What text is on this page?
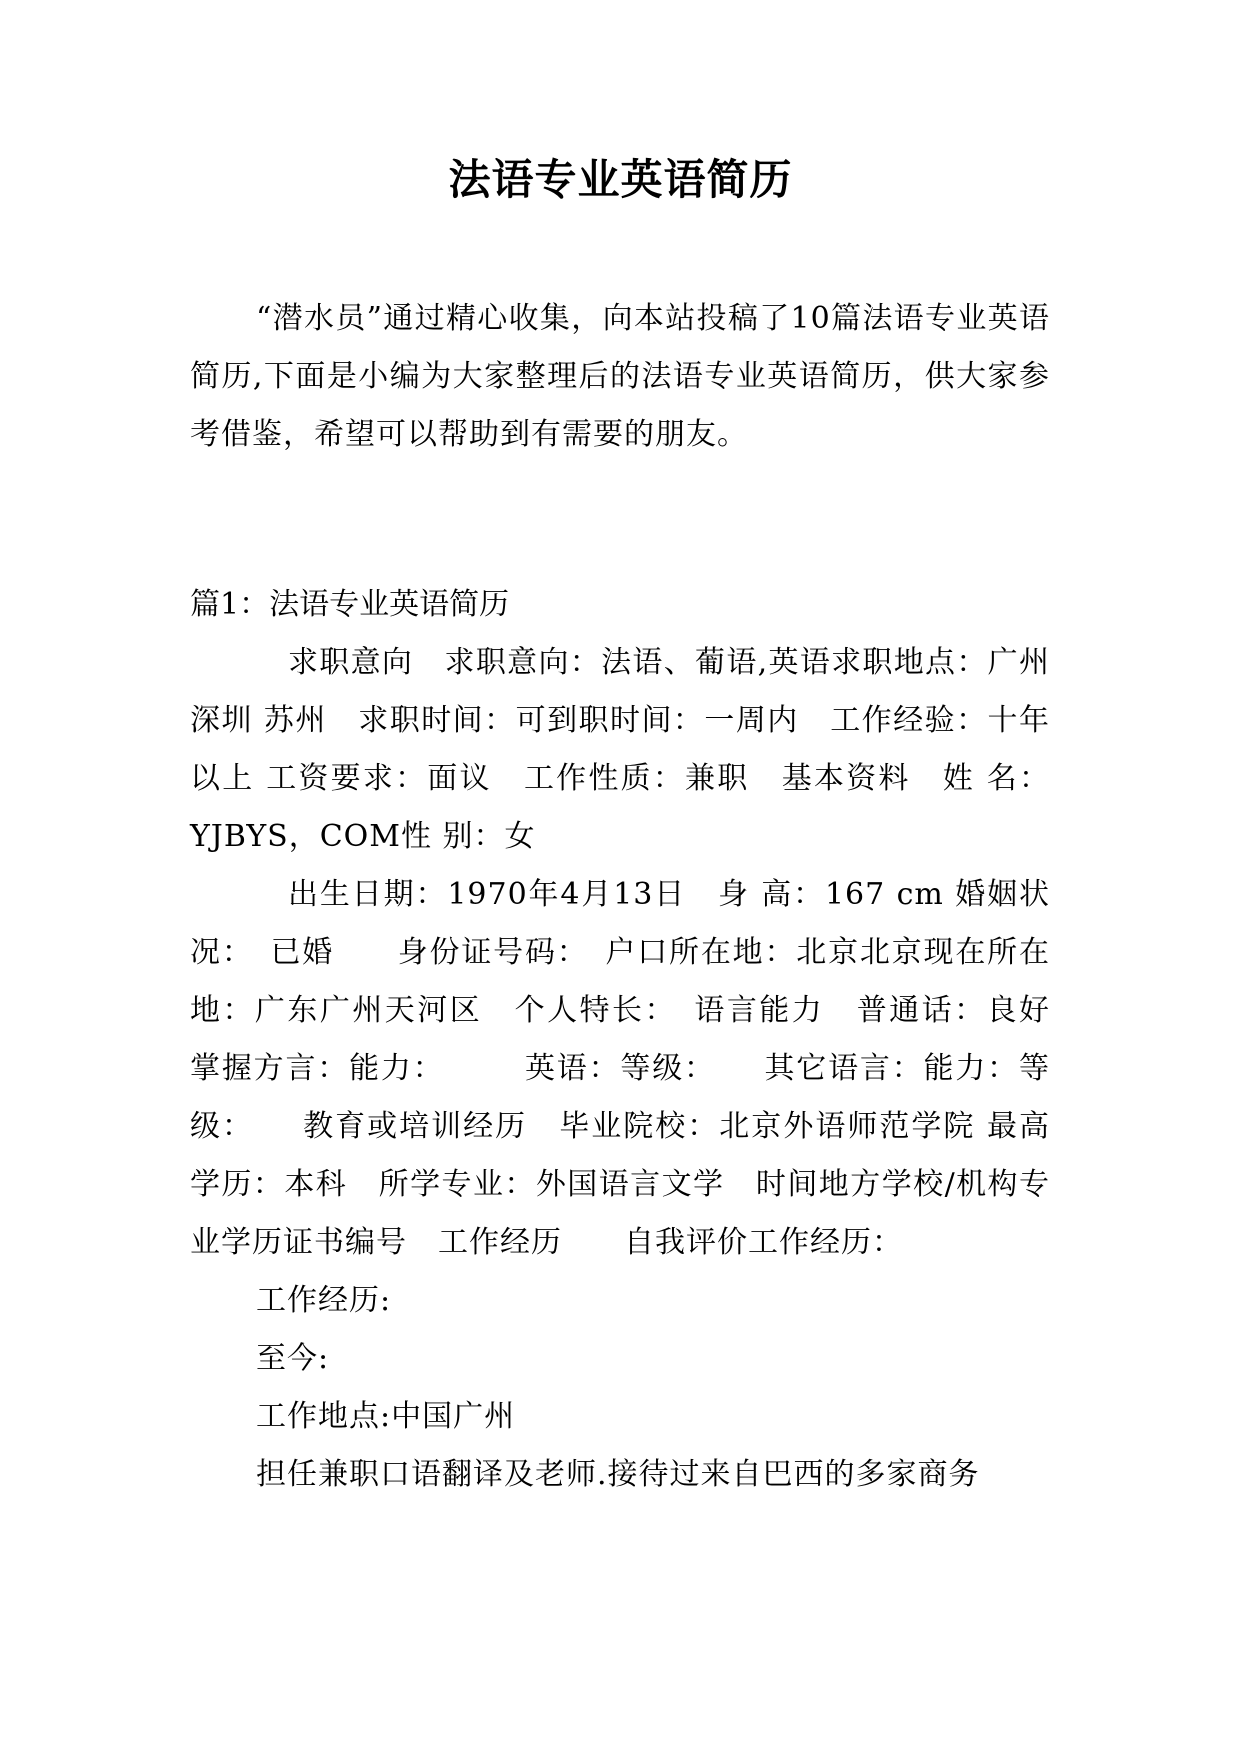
法语专业英语简历

“潜水员”通过精心收集，向本站投稿了10篇法语专业英语简历,下面是小编为大家整理后的法语专业英语简历，供大家参考借鉴，希望可以帮助到有需要的朋友。

篇1：法语专业英语简历
求职意向　求职意向：法语、葡语,英语求职地点：广州 深圳 苏州　求职时间：可到职时间：一周内　工作经验：十年以上 工资要求：面议　工作性质：兼职　基本资料　姓 名：YJBYS，COM性 别：女
出生日期：1970年4月13日　身 高：167 cm 婚姻状况：　已婚　　身份证号码：　户口所在地：北京北京现在所在地：广东广州天河区　个人特长：　语言能力　普通话：良好　掌握方言：能力：　　　英语：等级：　　其它语言：能力：等级：　　教育或培训经历　毕业院校：北京外语师范学院 最高学历：本科　所学专业：外国语言文学　时间地方学校/机构专业学历证书编号　工作经历　　自我评价工作经历：
工作经历:
至今:
工作地点:中国广州
担任兼职口语翻译及老师.接待过来自巴西的多家商务
